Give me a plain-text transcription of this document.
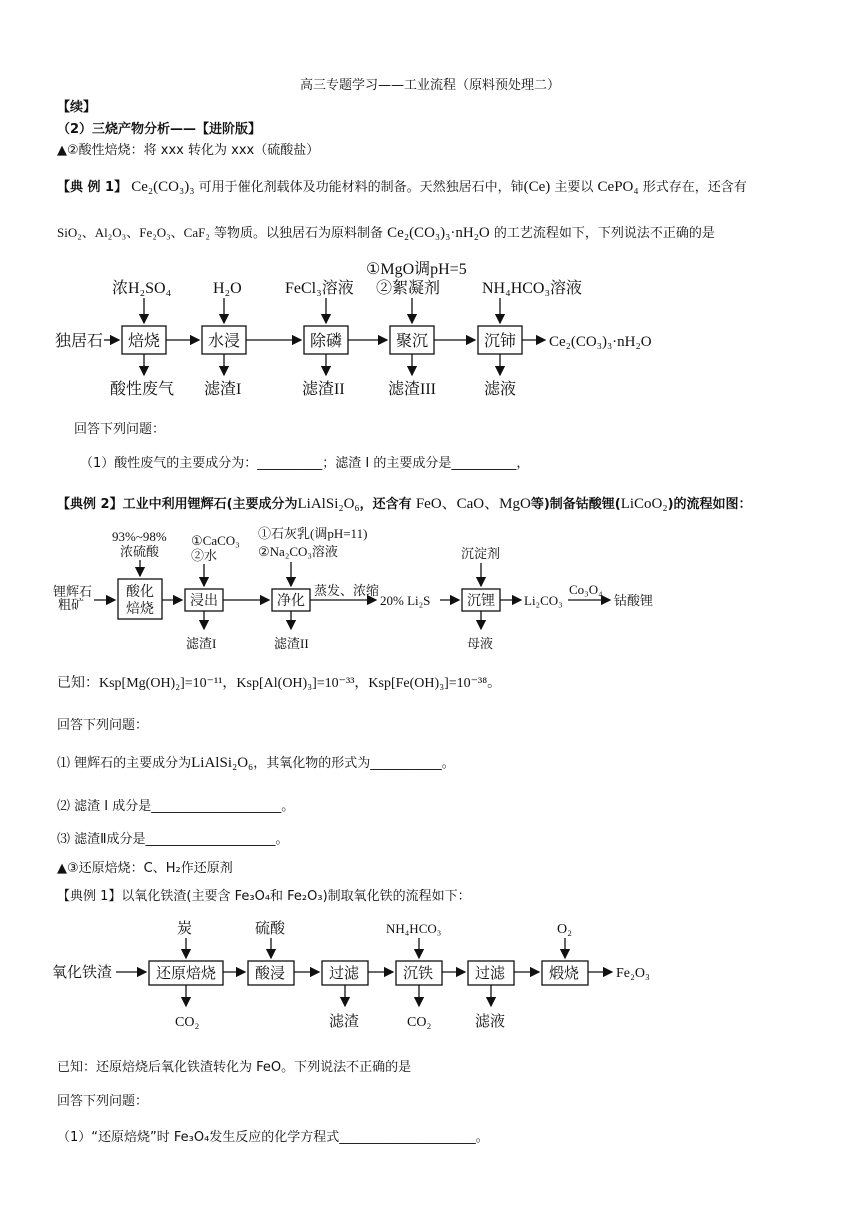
高三专题学习——工业流程（原料预处理二）
【续】
（2）三烧产物分析——【进阶版】
▲②酸性焙烧：将 xxx 转化为 xxx（硫酸盐）
【典 例 1】 Ce₂(CO₃)₃ 可用于催化剂载体及功能材料的制备。天然独居石中，铈(Ce) 主要以 CePO₄ 形式存在，还含有
SiO₂、Al₂O₃、Fe₂O₃、CaF₂ 等物质。以独居石为原料制备 Ce₂(CO₃)₃·nH₂O 的工艺流程如下，下列说法不正确的是
独居石 焙烧	水浸	除磷	聚沉	沉铈 Ce₂(CO₃)₃·nH₂O
浓H₂SO₄	H₂O	FeCl₃溶液
①MgO调pH=5
②絮凝剂	NH₄HCO₃溶液
酸性废气 滤渣I	滤渣II	滤渣III	滤液
回答下列问题：
（1）酸性废气的主要成分为：__________；滤渣 I 的主要成分是__________，
【典例 2】工业中利用锂辉石(主要成分为LiAlSi₂O₆，还含有 FeO、CaO、MgO等)制备钴酸锂(LiCoO₂)的流程如图：
锂辉石
粗矿
酸化
焙烧
93%~98%
浓硫酸
浸出
①CaCO₃
②水
滤渣I
净化
①石灰乳(调pH=11)
②Na₂CO₃溶液
滤渣II
蒸发、浓缩
20% Li₂S	沉锂
沉淀剂
母液
Li₂CO₃
Co₃O₄
钴酸锂
已知：Ksp[Mg(OH)₂]=10⁻¹¹，Ksp[Al(OH)₃]=10⁻³³，Ksp[Fe(OH)₃]=10⁻³⁸。
回答下列问题：
⑴ 锂辉石的主要成分为LiAlSi₂O₆，其氧化物的形式为___________。
⑵ 滤渣 I 成分是____________________。
⑶ 滤渣Ⅱ成分是____________________。
▲③还原焙烧：C、H₂作还原剂
【典例 1】以氧化铁渣(主要含 Fe₃O₄和 Fe₂O₃)制取氧化铁的流程如下：
氧化铁渣	还原焙烧
炭
CO₂
酸浸
硫酸
过滤
滤渣
沉铁
NH₄HCO₃
CO₂
过滤
滤液
煅烧
O₂
Fe₂O₃
已知：还原焙烧后氧化铁渣转化为 FeO。下列说法不正确的是
回答下列问题：
（1）“还原焙烧”时 Fe₃O₄发生反应的化学方程式_____________________。
